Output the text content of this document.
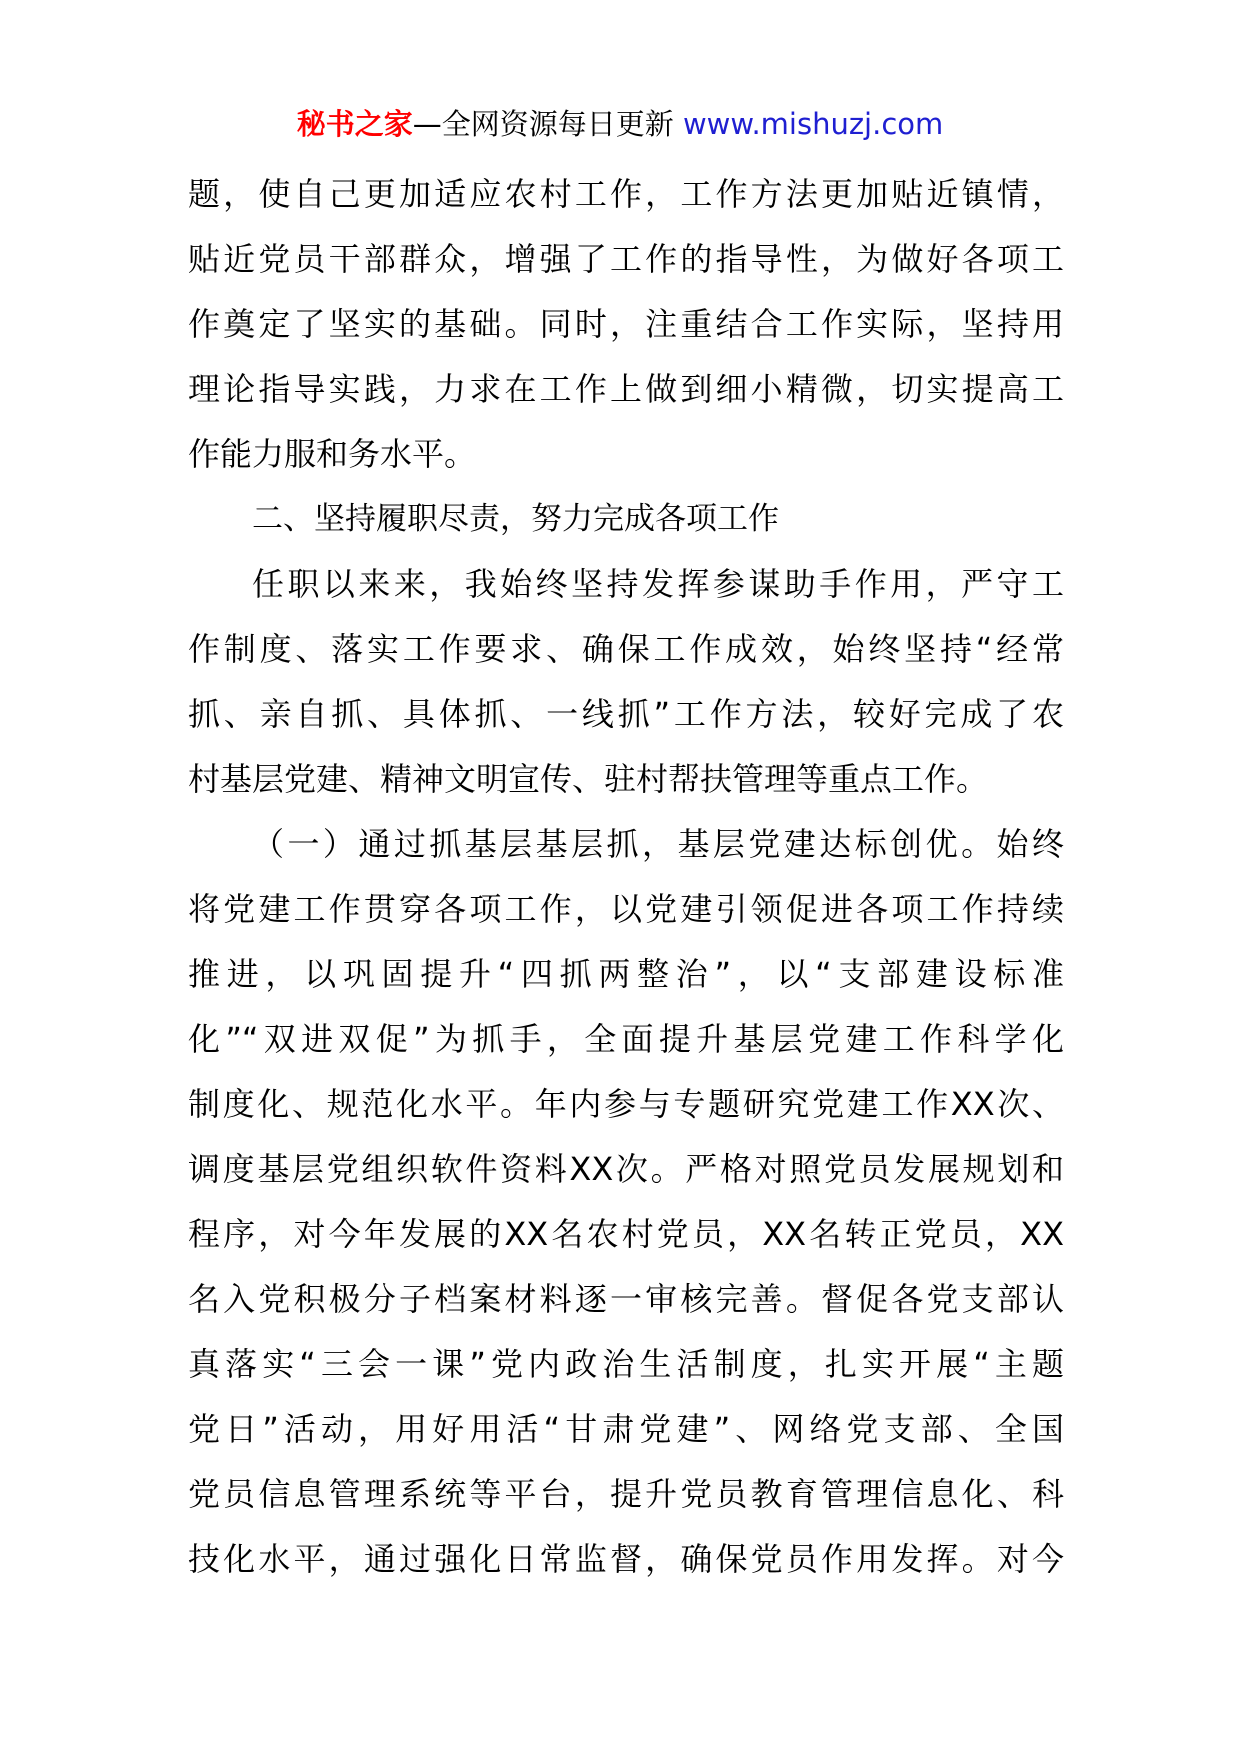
秘书之家—全网资源每日更新 www.mishuzj.com
题，使自己更加适应农村工作，工作方法更加贴近镇情，
贴近党员干部群众，增强了工作的指导性，为做好各项工
作奠定了坚实的基础。同时，注重结合工作实际，坚持用
理论指导实践，力求在工作上做到细小精微，切实提高工
作能力服和务水平。
二、坚持履职尽责，努力完成各项工作
任职以来来，我始终坚持发挥参谋助手作用，严守工
作制度、落实工作要求、确保工作成效，始终坚持“经常
抓、亲自抓、具体抓、一线抓”工作方法，较好完成了农
村基层党建、精神文明宣传、驻村帮扶管理等重点工作。
（一）通过抓基层基层抓，基层党建达标创优。始终
将党建工作贯穿各项工作，以党建引领促进各项工作持续
推进，以巩固提升“四抓两整治”，以“支部建设标准
化”“双进双促”为抓手，全面提升基层党建工作科学化
制度化、规范化水平。年内参与专题研究党建工作XX次、
调度基层党组织软件资料XX次。严格对照党员发展规划和
程序，对今年发展的XX名农村党员，XX名转正党员，XX
名入党积极分子档案材料逐一审核完善。督促各党支部认
真落实“三会一课”党内政治生活制度，扎实开展“主题
党日”活动，用好用活“甘肃党建”、网络党支部、全国
党员信息管理系统等平台，提升党员教育管理信息化、科
技化水平，通过强化日常监督，确保党员作用发挥。对今
